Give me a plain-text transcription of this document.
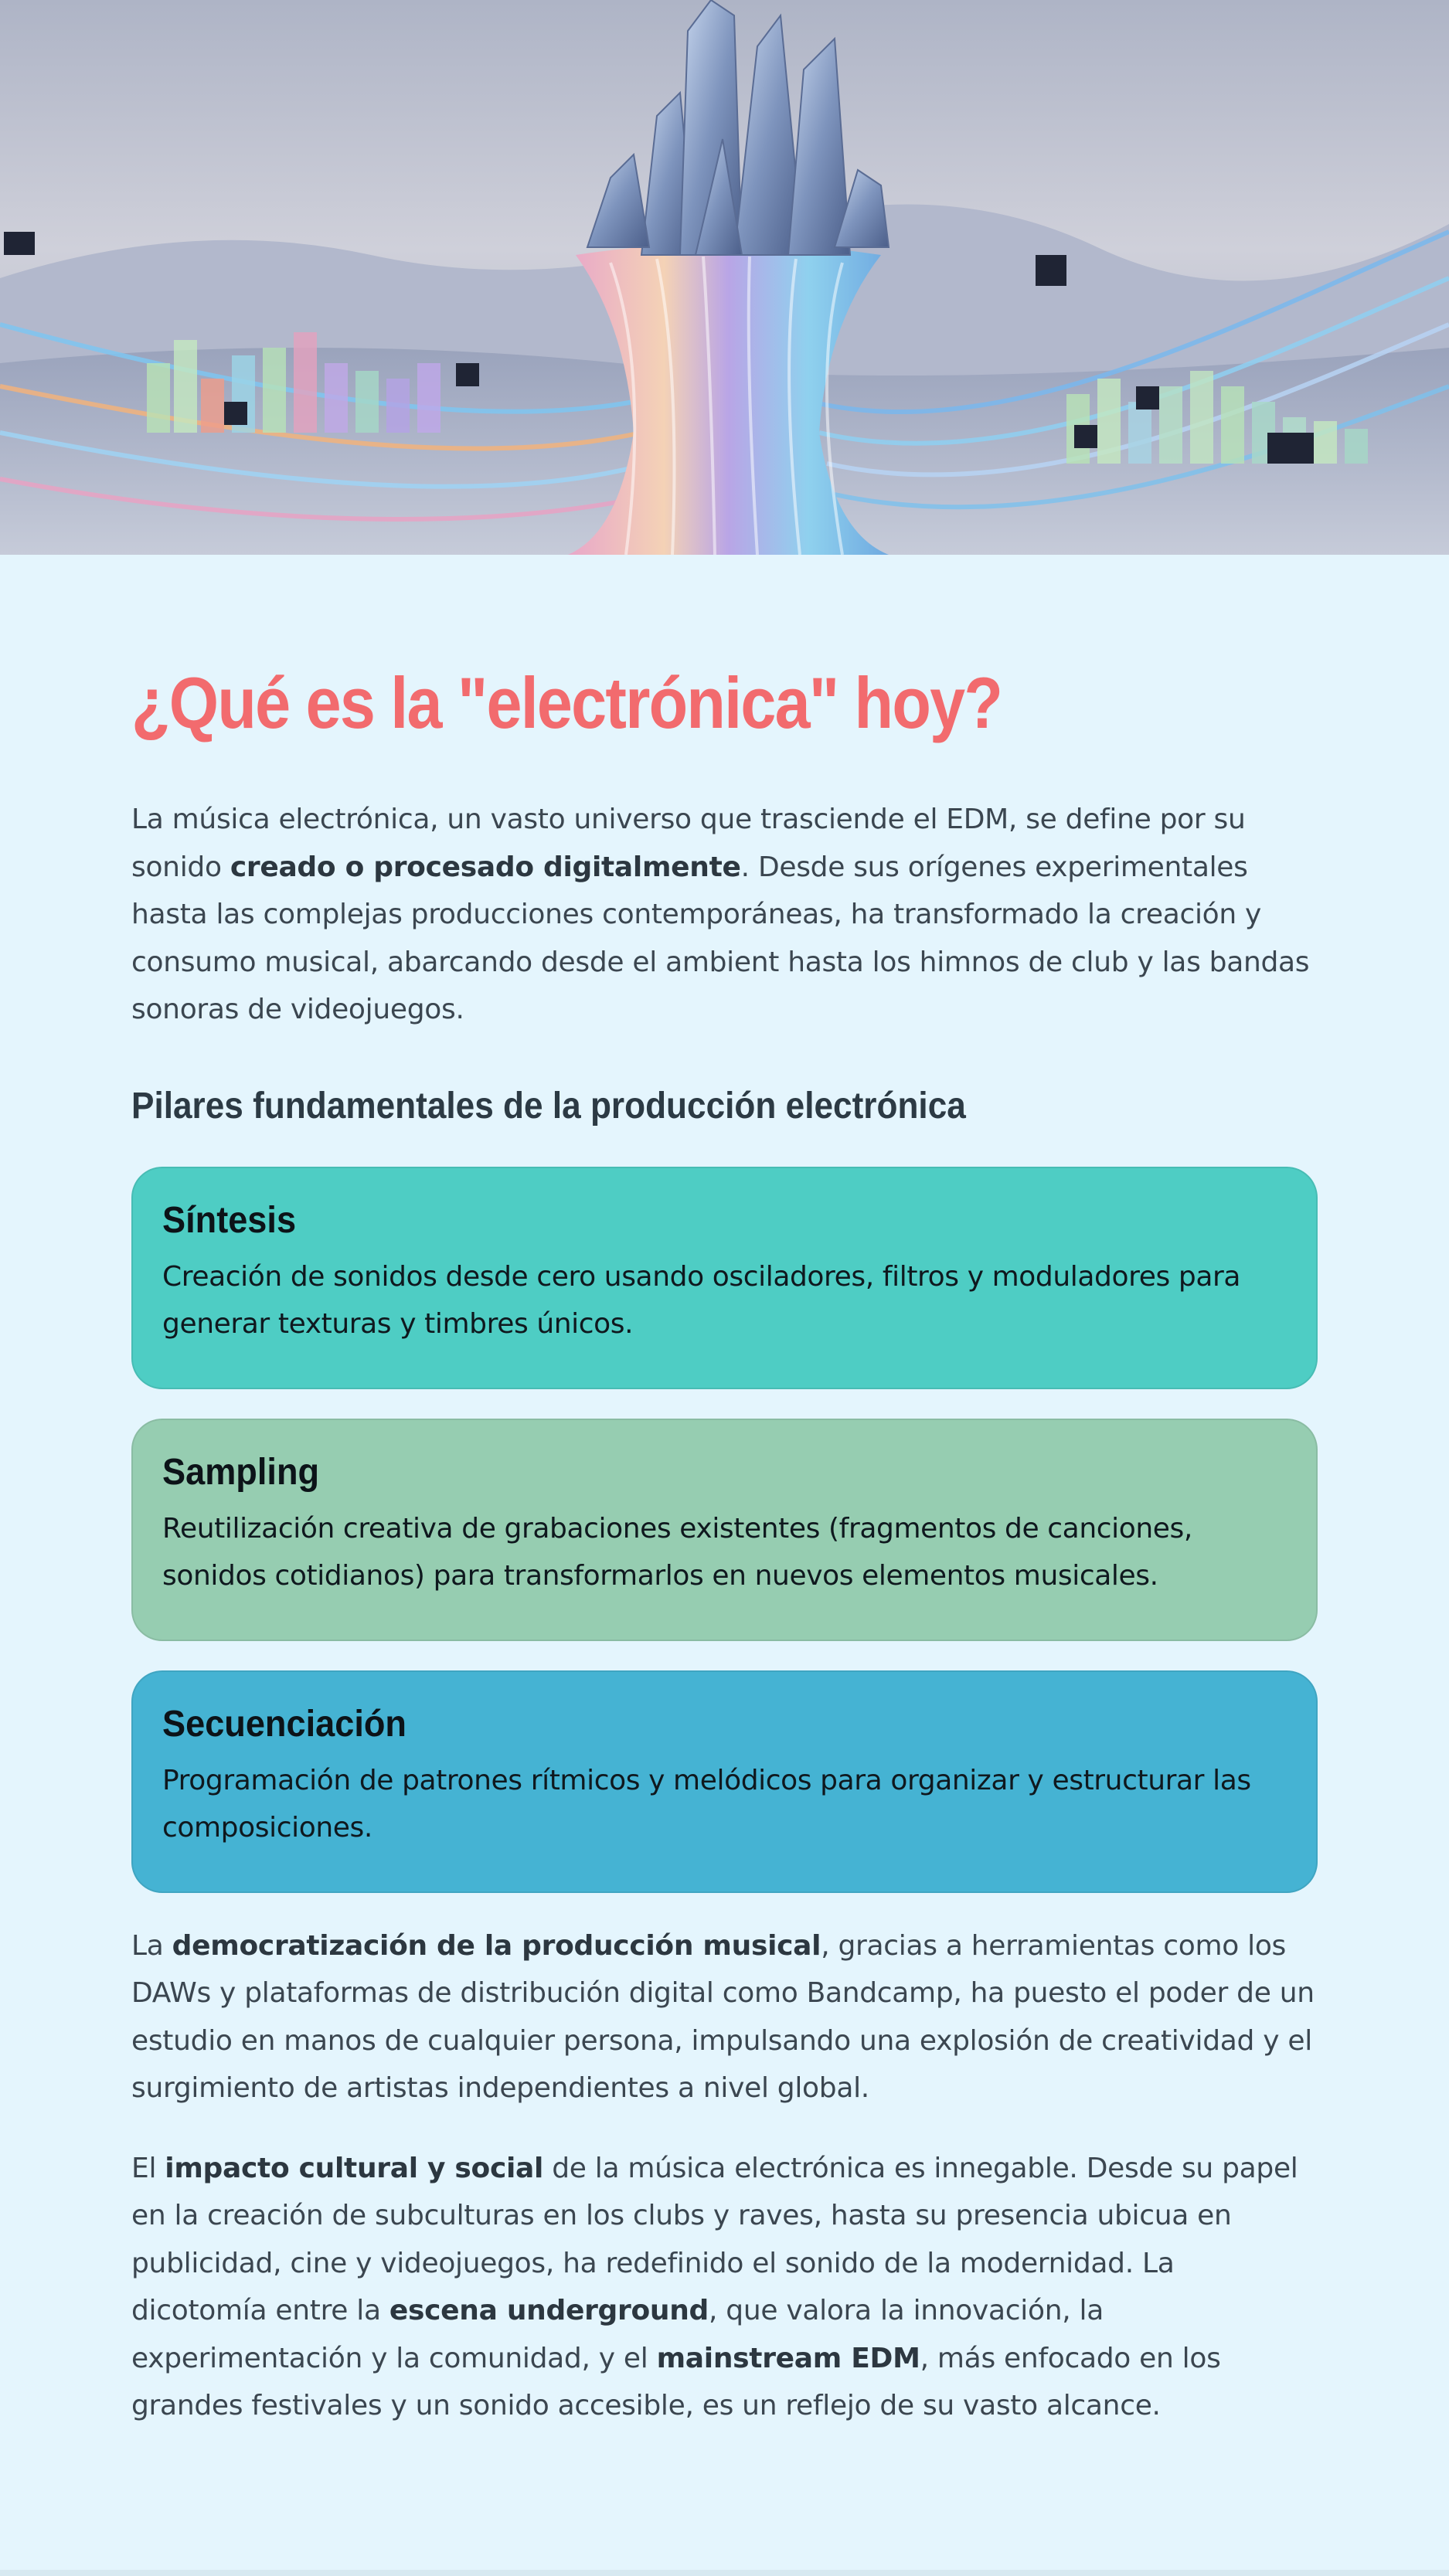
¿Qué es la "electrónica" hoy?

La música electrónica, un vasto universo que trasciende el EDM, se define por su sonido creado o procesado digitalmente. Desde sus orígenes experimentales hasta las complejas producciones contemporáneas, ha transformado la creación y consumo musical, abarcando desde el ambient hasta los himnos de club y las bandas sonoras de videojuegos.

Pilares fundamentales de la producción electrónica
Síntesis

Creación de sonidos desde cero usando osciladores, filtros y moduladores para generar texturas y timbres únicos.

Sampling

Reutilización creativa de grabaciones existentes (fragmentos de canciones, sonidos cotidianos) para transformarlos en nuevos elementos musicales.

Secuenciación

Programación de patrones rítmicos y melódicos para organizar y estructurar las composiciones.

La democratización de la producción musical, gracias a herramientas como los DAWs y plataformas de distribución digital como Bandcamp, ha puesto el poder de un estudio en manos de cualquier persona, impulsando una explosión de creatividad y el surgimiento de artistas independientes a nivel global.

El impacto cultural y social de la música electrónica es innegable. Desde su papel en la creación de subculturas en los clubs y raves, hasta su presencia ubicua en publicidad, cine y videojuegos, ha redefinido el sonido de la modernidad. La dicotomía entre la escena underground, que valora la innovación, la experimentación y la comunidad, y el mainstream EDM, más enfocado en los grandes festivales y un sonido accesible, es un reflejo de su vasto alcance.
